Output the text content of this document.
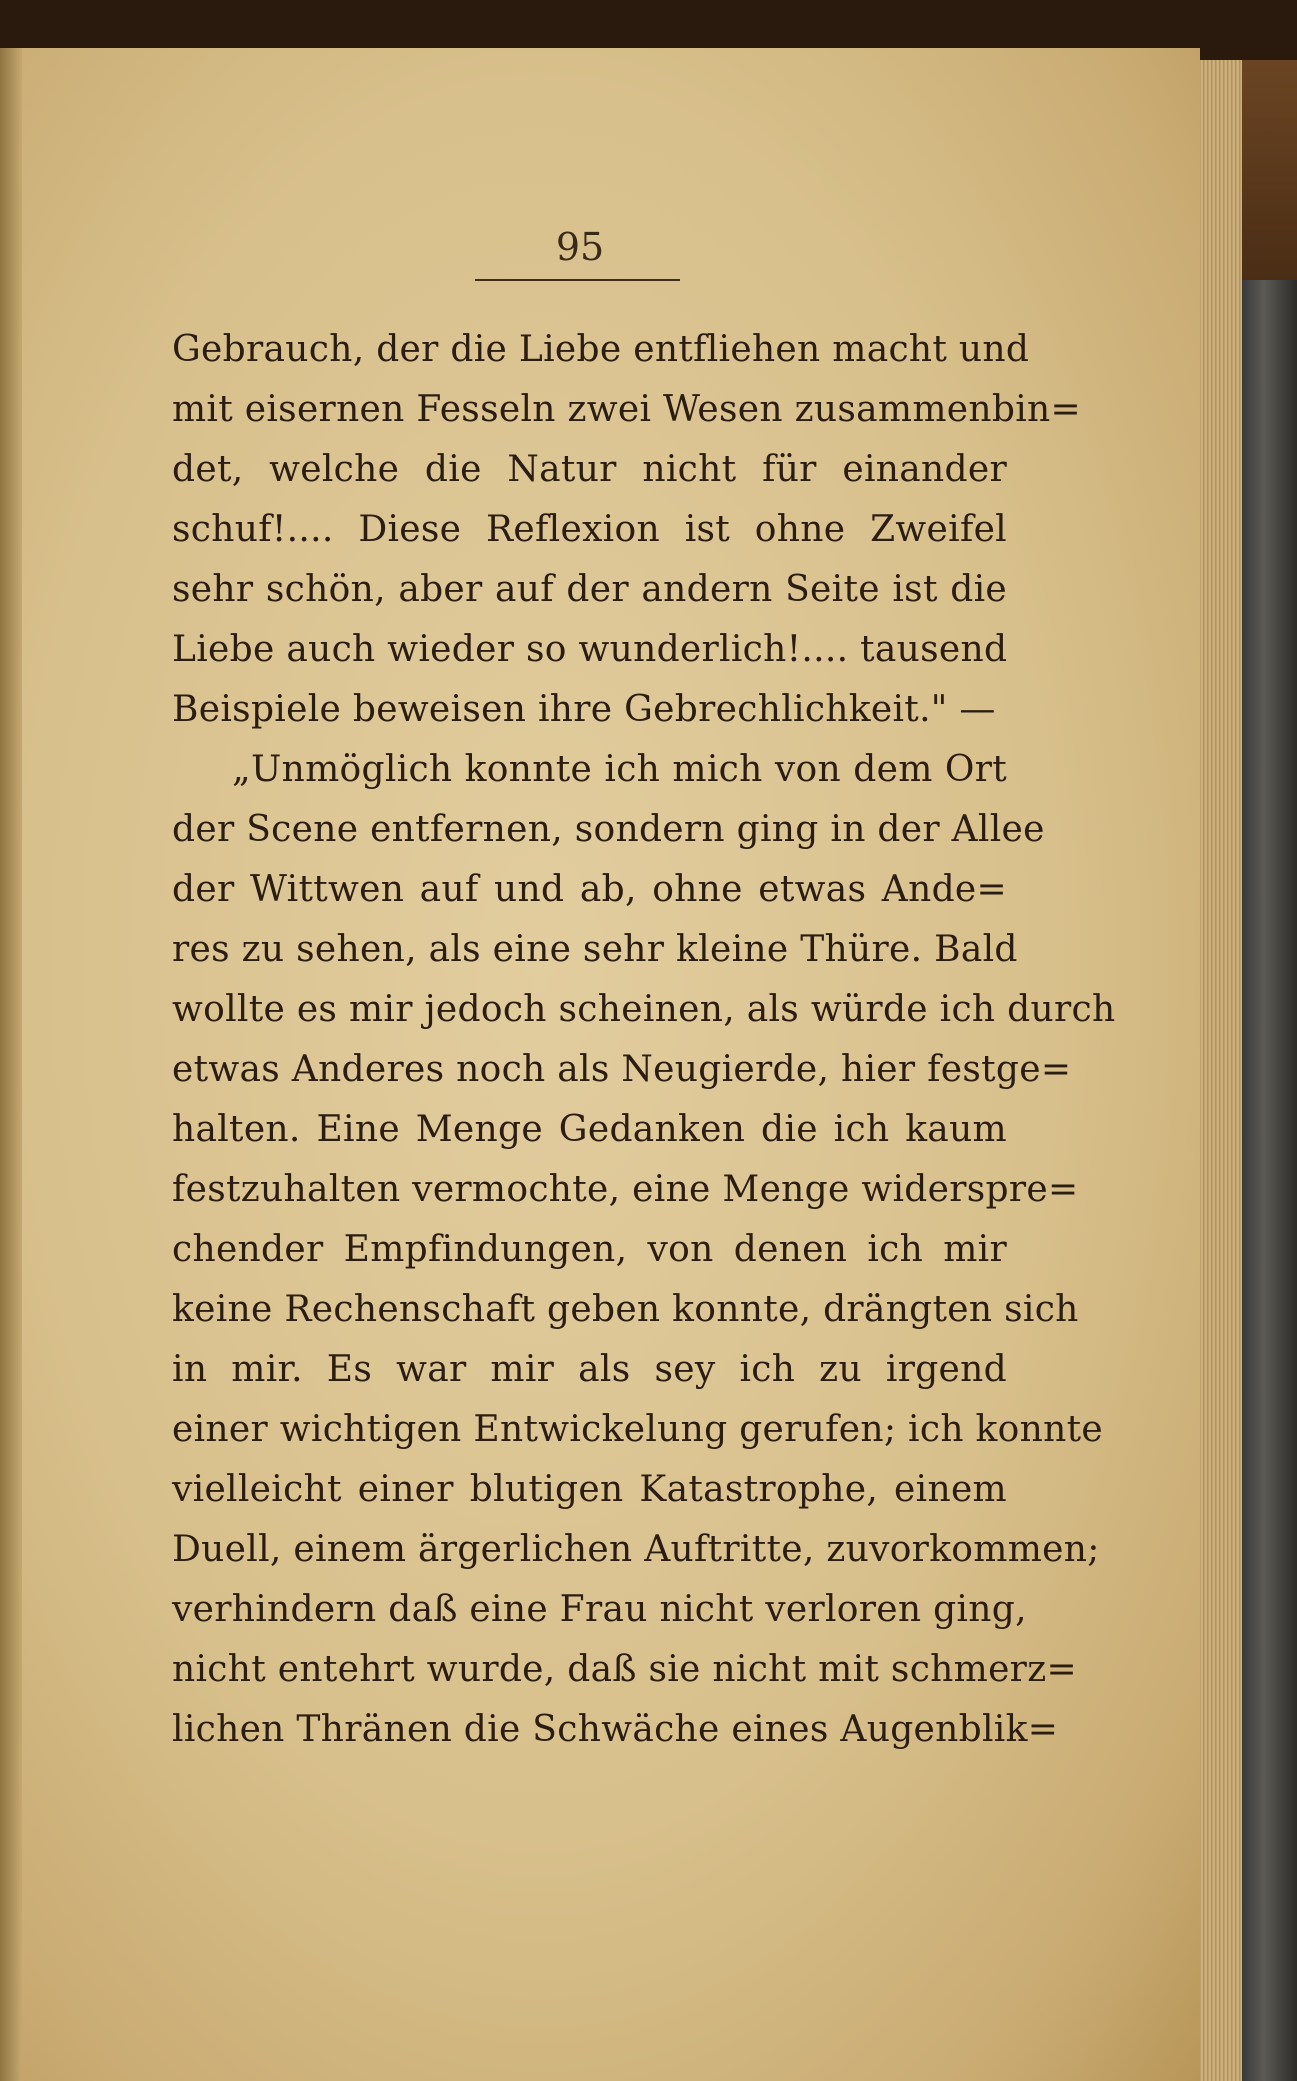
95
Gebrauch, der die Liebe entfliehen macht und
mit eisernen Fesseln zwei Wesen zusammenbin=
det, welche die Natur nicht für einander
schuf!.... Diese Reflexion ist ohne Zweifel
sehr schön, aber auf der andern Seite ist die
Liebe auch wieder so wunderlich!.... tausend
Beispiele beweisen ihre Gebrechlichkeit." —
„Unmöglich konnte ich mich von dem Ort
der Scene entfernen, sondern ging in der Allee
der Wittwen auf und ab, ohne etwas Ande=
res zu sehen, als eine sehr kleine Thüre. Bald
wollte es mir jedoch scheinen, als würde ich durch
etwas Anderes noch als Neugierde, hier festge=
halten. Eine Menge Gedanken die ich kaum
festzuhalten vermochte, eine Menge widerspre=
chender Empfindungen, von denen ich mir
keine Rechenschaft geben konnte, drängten sich
in mir. Es war mir als sey ich zu irgend
einer wichtigen Entwickelung gerufen; ich konnte
vielleicht einer blutigen Katastrophe, einem
Duell, einem ärgerlichen Auftritte, zuvorkommen;
verhindern daß eine Frau nicht verloren ging,
nicht entehrt wurde, daß sie nicht mit schmerz=
lichen Thränen die Schwäche eines Augenblik=
